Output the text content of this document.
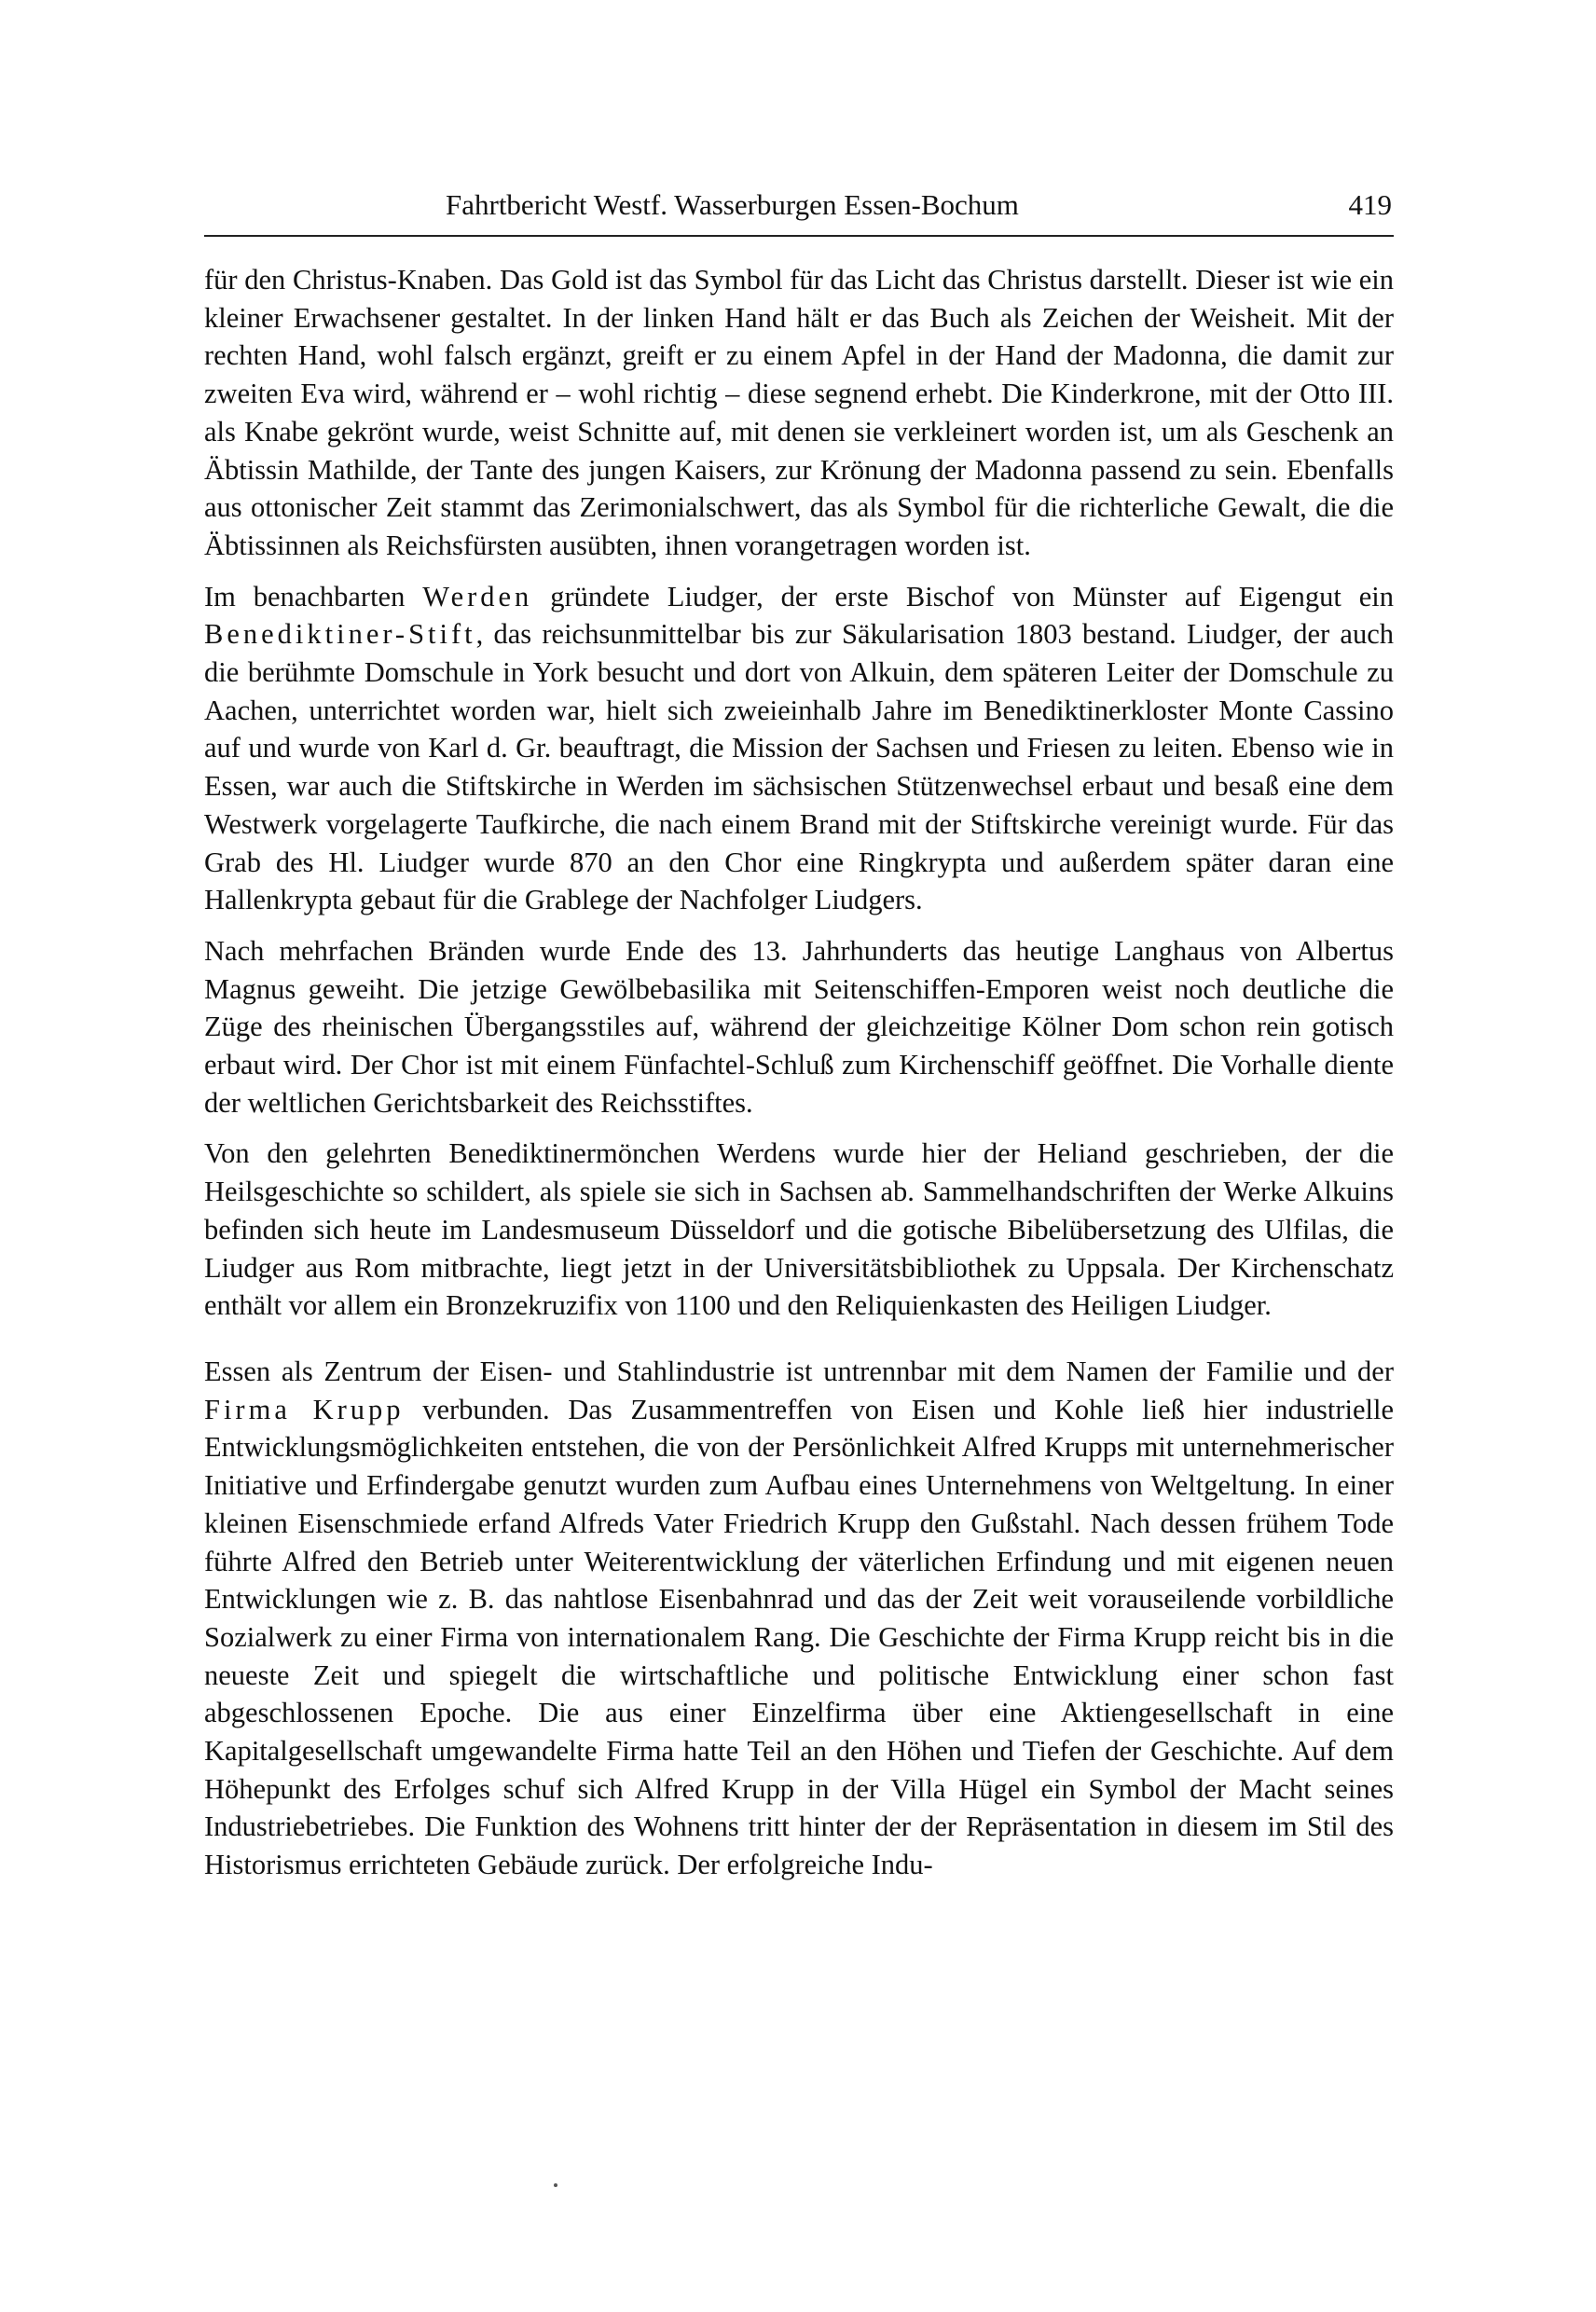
Fahrtbericht Westf. Wasserburgen Essen-Bochum	419

für den Christus-Knaben. Das Gold ist das Symbol für das Licht das Christus darstellt. Dieser ist wie ein kleiner Erwachsener gestaltet. In der linken Hand hält er das Buch als Zeichen der Weisheit. Mit der rechten Hand, wohl falsch ergänzt, greift er zu einem Apfel in der Hand der Madonna, die damit zur zweiten Eva wird, während er – wohl richtig – diese segnend erhebt. Die Kinderkrone, mit der Otto III. als Knabe gekrönt wurde, weist Schnitte auf, mit denen sie verkleinert worden ist, um als Geschenk an Äbtissin Mathilde, der Tante des jungen Kaisers, zur Krönung der Madonna passend zu sein. Ebenfalls aus ottonischer Zeit stammt das Zerimonialschwert, das als Symbol für die richterliche Gewalt, die die Äbtissinnen als Reichsfürsten ausübten, ihnen vorangetragen worden ist.

Im benachbarten Werden gründete Liudger, der erste Bischof von Münster auf Eigengut ein Benediktiner-Stift, das reichsunmittelbar bis zur Säkularisation 1803 bestand. Liudger, der auch die berühmte Domschule in York besucht und dort von Alkuin, dem späteren Leiter der Domschule zu Aachen, unterrichtet worden war, hielt sich zweieinhalb Jahre im Benediktinerkloster Monte Cassino auf und wurde von Karl d. Gr. beauftragt, die Mission der Sachsen und Friesen zu leiten. Ebenso wie in Essen, war auch die Stiftskirche in Werden im sächsischen Stützenwechsel erbaut und besaß eine dem Westwerk vorgelagerte Taufkirche, die nach einem Brand mit der Stiftskirche vereinigt wurde. Für das Grab des Hl. Liudger wurde 870 an den Chor eine Ringkrypta und außerdem später daran eine Hallenkrypta gebaut für die Grablege der Nachfolger Liudgers.

Nach mehrfachen Bränden wurde Ende des 13. Jahrhunderts das heutige Langhaus von Albertus Magnus geweiht. Die jetzige Gewölbebasilika mit Seitenschiffen-Emporen weist noch deutliche die Züge des rheinischen Übergangsstiles auf, während der gleichzeitige Kölner Dom schon rein gotisch erbaut wird. Der Chor ist mit einem Fünfachtel-Schluß zum Kirchenschiff geöffnet. Die Vorhalle diente der weltlichen Gerichtsbarkeit des Reichsstiftes.

Von den gelehrten Benediktinermönchen Werdens wurde hier der Heliand geschrieben, der die Heilsgeschichte so schildert, als spiele sie sich in Sachsen ab. Sammelhandschriften der Werke Alkuins befinden sich heute im Landesmuseum Düsseldorf und die gotische Bibelübersetzung des Ulfilas, die Liudger aus Rom mitbrachte, liegt jetzt in der Universitätsbibliothek zu Uppsala. Der Kirchenschatz enthält vor allem ein Bronzekruzifix von 1100 und den Reliquienkasten des Heiligen Liudger.

Essen als Zentrum der Eisen- und Stahlindustrie ist untrennbar mit dem Namen der Familie und der Firma Krupp verbunden. Das Zusammentreffen von Eisen und Kohle ließ hier industrielle Entwicklungsmöglichkeiten entstehen, die von der Persönlichkeit Alfred Krupps mit unternehmerischer Initiative und Erfindergabe genutzt wurden zum Aufbau eines Unternehmens von Weltgeltung. In einer kleinen Eisenschmiede erfand Alfreds Vater Friedrich Krupp den Gußstahl. Nach dessen frühem Tode führte Alfred den Betrieb unter Weiterentwicklung der väterlichen Erfindung und mit eigenen neuen Entwicklungen wie z. B. das nahtlose Eisenbahnrad und das der Zeit weit vorauseilende vorbildliche Sozialwerk zu einer Firma von internationalem Rang. Die Geschichte der Firma Krupp reicht bis in die neueste Zeit und spiegelt die wirtschaftliche und politische Entwicklung einer schon fast abgeschlossenen Epoche. Die aus einer Einzelfirma über eine Aktiengesellschaft in eine Kapitalgesellschaft umgewandelte Firma hatte Teil an den Höhen und Tiefen der Geschichte. Auf dem Höhepunkt des Erfolges schuf sich Alfred Krupp in der Villa Hügel ein Symbol der Macht seines Industriebetriebes. Die Funktion des Wohnens tritt hinter der der Repräsentation in diesem im Stil des Historismus errichteten Gebäude zurück. Der erfolgreiche Indu-
